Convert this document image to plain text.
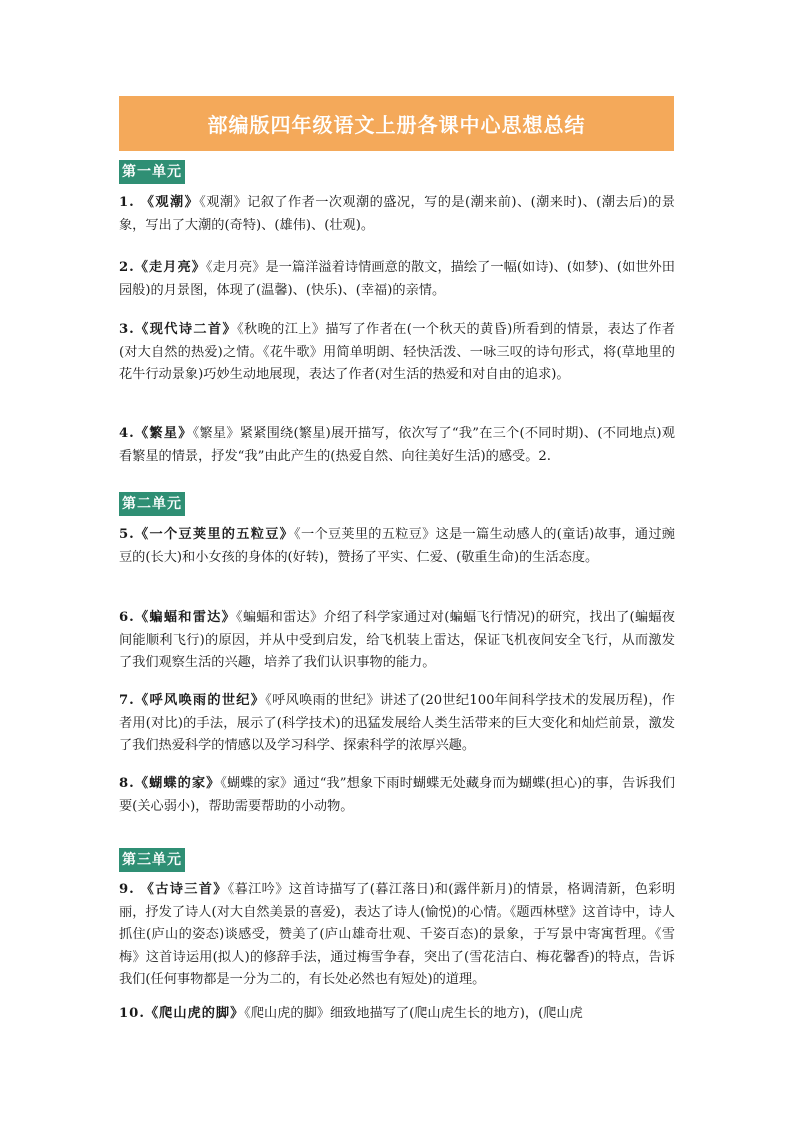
部编版四年级语文上册各课中心思想总结
第一单元

1. 《观潮》《观潮》记叙了作者一次观潮的盛况，写的是(潮来前)、(潮来时)、(潮去后)的景象，写出了大潮的(奇特)、(雄伟)、(壮观)。

2.《走月亮》《走月亮》是一篇洋溢着诗情画意的散文，描绘了一幅(如诗)、(如梦)、(如世外田园般)的月景图，体现了(温馨)、(快乐)、(幸福)的亲情。

3.《现代诗二首》《秋晚的江上》描写了作者在(一个秋天的黄昏)所看到的情景，表达了作者(对大自然的热爱)之情。《花牛歌》用简单明朗、轻快活泼、一咏三叹的诗句形式，将(草地里的花牛行动景象)巧妙生动地展现，表达了作者(对生活的热爱和对自由的追求)。

4.《繁星》《繁星》紧紧围绕(繁星)展开描写，依次写了“我”在三个(不同时期)、(不同地点)观看繁星的情景，抒发“我”由此产生的(热爱自然、向往美好生活)的感受。2.

第二单元

5.《一个豆荚里的五粒豆》《一个豆荚里的五粒豆》这是一篇生动感人的(童话)故事，通过豌豆的(长大)和小女孩的身体的(好转)，赞扬了平实、仁爱、(敬重生命)的生活态度。

6.《蝙蝠和雷达》《蝙蝠和雷达》介绍了科学家通过对(蝙蝠飞行情况)的研究，找出了(蝙蝠夜间能顺利飞行)的原因，并从中受到启发，给飞机装上雷达，保证飞机夜间安全飞行，从而激发了我们观察生活的兴趣，培养了我们认识事物的能力。

7.《呼风唤雨的世纪》《呼风唤雨的世纪》讲述了(20世纪100年间科学技术的发展历程)，作者用(对比)的手法，展示了(科学技术)的迅猛发展给人类生活带来的巨大变化和灿烂前景，激发了我们热爱科学的情感以及学习科学、探索科学的浓厚兴趣。

8.《蝴蝶的家》《蝴蝶的家》通过“我”想象下雨时蝴蝶无处藏身而为蝴蝶(担心)的事，告诉我们要(关心弱小)，帮助需要帮助的小动物。

第三单元

9. 《古诗三首》《暮江吟》这首诗描写了(暮江落日)和(露伴新月)的情景，格调清新，色彩明丽，抒发了诗人(对大自然美景的喜爱)，表达了诗人(愉悦)的心情。《题西林壁》这首诗中，诗人抓住(庐山的姿态)谈感受，赞美了(庐山雄奇壮观、千姿百态)的景象，于写景中寄寓哲理。《雪梅》这首诗运用(拟人)的修辞手法，通过梅雪争春，突出了(雪花洁白、梅花馨香)的特点，告诉我们(任何事物都是一分为二的，有长处必然也有短处)的道理。

10.《爬山虎的脚》《爬山虎的脚》细致地描写了(爬山虎生长的地方)，(爬山虎
